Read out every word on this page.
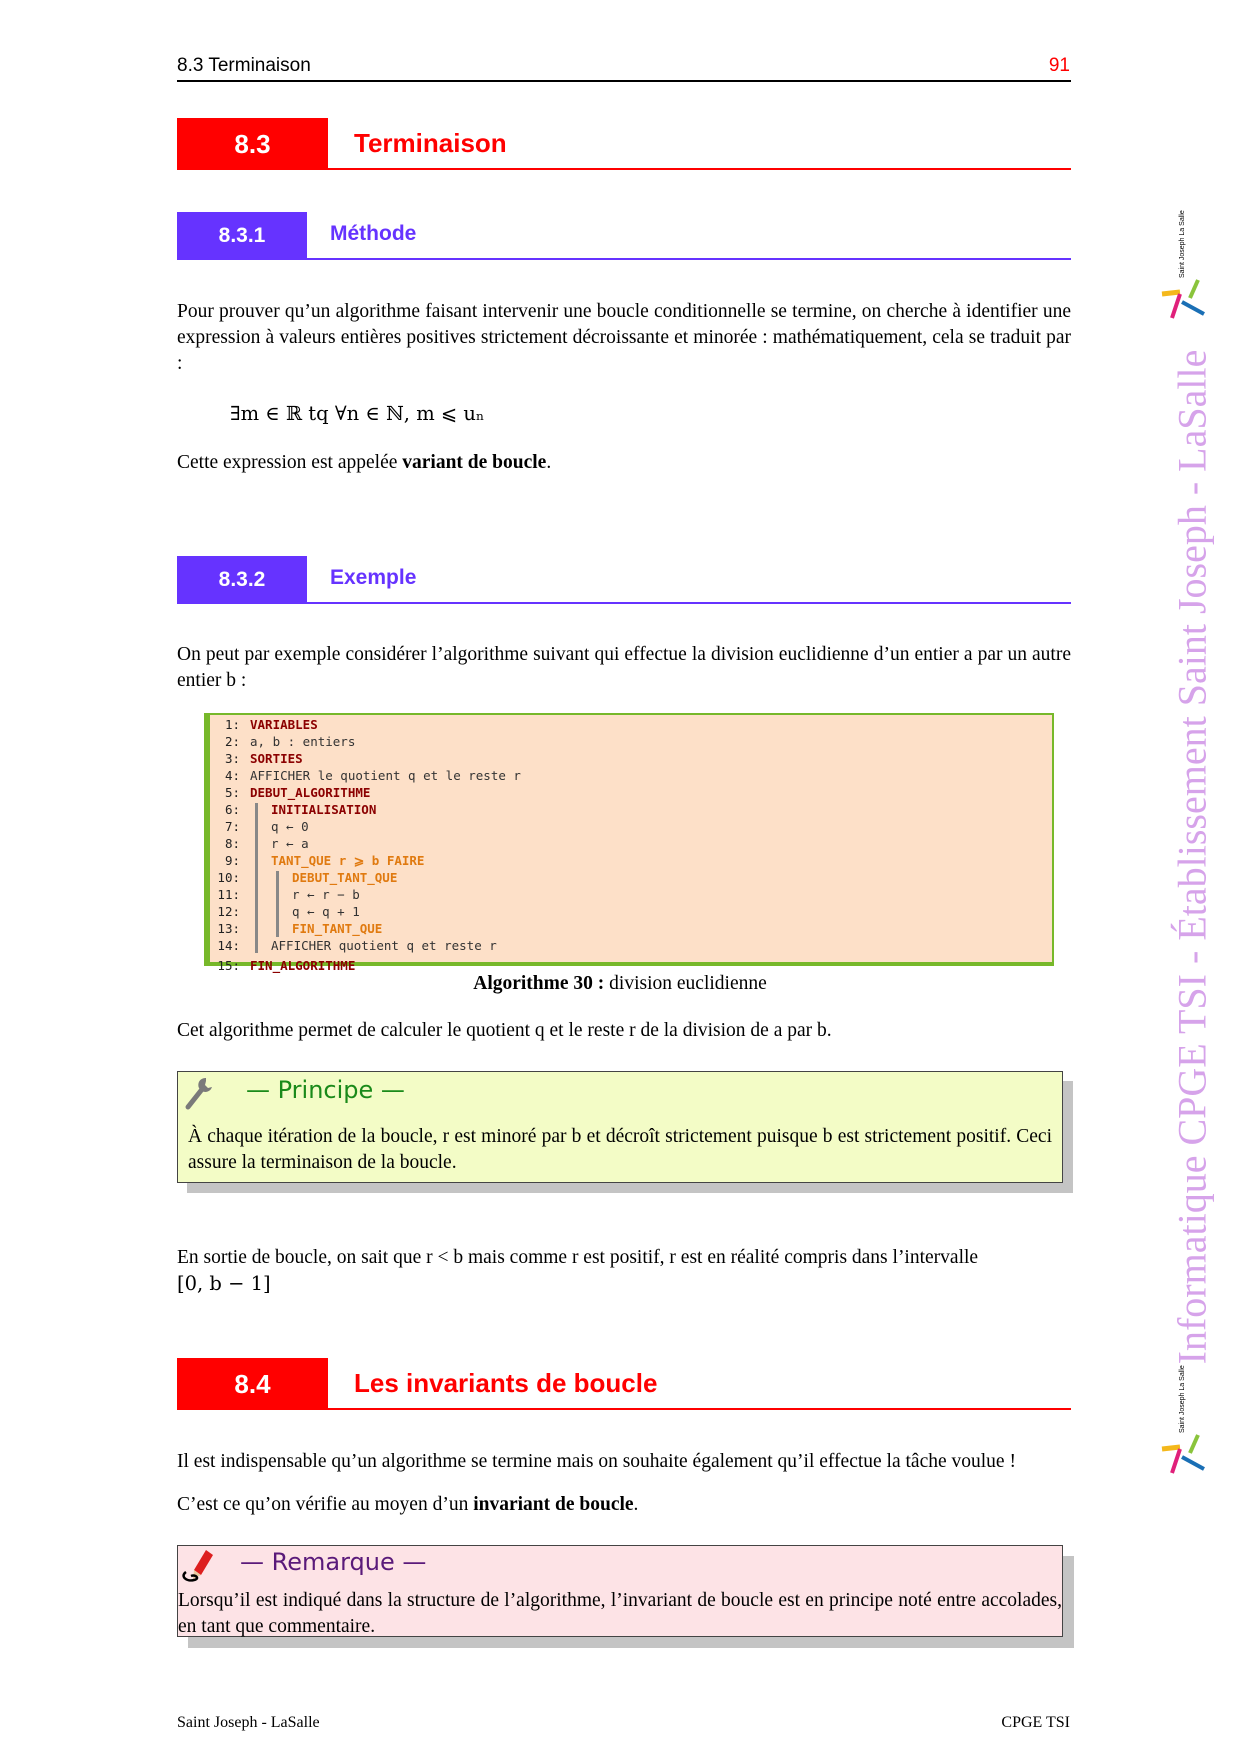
8.3 Terminaison	91
8.3	Terminaison
8.3.1	Méthode
Pour prouver qu’un algorithme faisant intervenir une boucle conditionnelle se termine, on cherche à identifier une expression à valeurs entières positives strictement décroissante et minorée : mathématiquement, cela se traduit par :
∃m ∈ ℝ tq ∀n ∈ ℕ, m ⩽ uₙ
Cette expression est appelée variant de boucle.
8.3.2	Exemple
On peut par exemple considérer l’algorithme suivant qui effectue la division euclidienne d’un entier a par un autre entier b :
1: VARIABLES
2: a, b : entiers
3: SORTIES
4: AFFICHER le quotient q et le reste r
5: DEBUT_ALGORITHME
6: INITIALISATION
7: q ← 0
8: r ← a
9: TANT_QUE r ⩾ b FAIRE
10:	DEBUT_TANT_QUE
11:	r ← r − b
12:	q ← q + 1
13:	FIN_TANT_QUE
14: AFFICHER quotient q et reste r
15: FIN_ALGORITHME
Algorithme 30 : division euclidienne
Cet algorithme permet de calculer le quotient q et le reste r de la division de a par b.
— Principe —
À chaque itération de la boucle, r est minoré par b et décroît strictement puisque b est strictement positif. Ceci assure la terminaison de la boucle.
En sortie de boucle, on sait que r < b mais comme r est positif, r est en réalité compris dans l’intervalle
[0, b − 1]
8.4	Les invariants de boucle
Il est indispensable qu’un algorithme se termine mais on souhaite également qu’il effectue la tâche voulue !
C’est ce qu’on vérifie au moyen d’un invariant de boucle.
— Remarque —
Lorsqu’il est indiqué dans la structure de l’algorithme, l’invariant de boucle est en principe noté entre accolades, en tant que commentaire.
Informatique CPGE TSI - Établissement Saint Joseph - LaSalle
Saint Joseph La Salle
Saint Joseph La Salle
Saint Joseph - LaSalle	CPGE TSI
